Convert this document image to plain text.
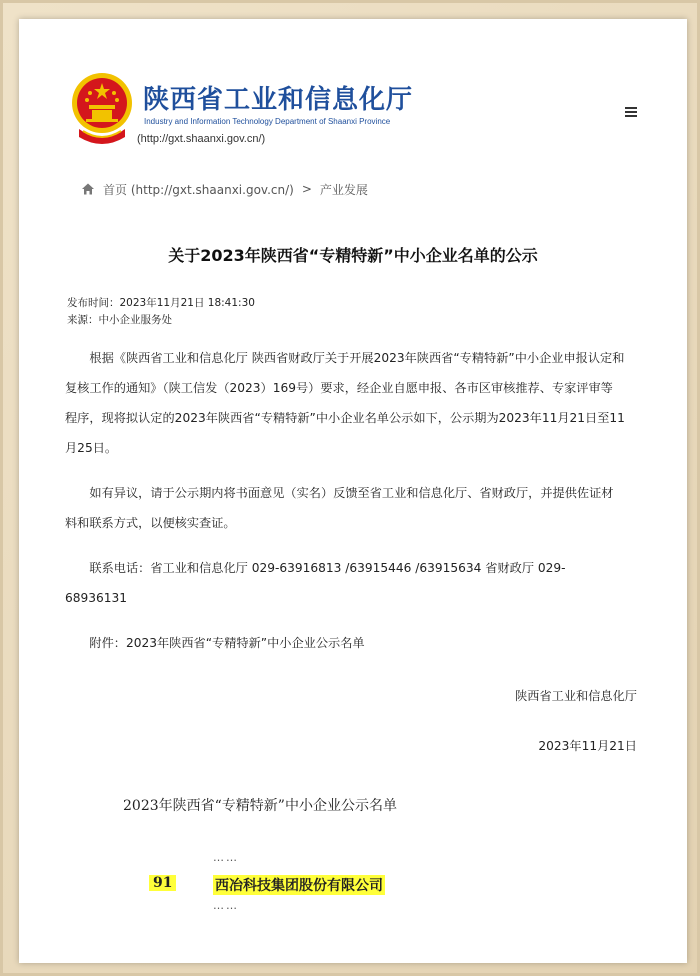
陕西省工业和信息化厅
Industry and Information Technology Department of Shaanxi Province
(http://gxt.shaanxi.gov.cn/)
首页 (http://gxt.shaanxi.gov.cn/) > 产业发展
关于2023年陕西省“专精特新”中小企业名单的公示
发布时间：2023年11月21日 18:41:30
来源：中小企业服务处

根据《陕西省工业和信息化厅 陕西省财政厅关于开展2023年陕西省“专精特新”中小企业申报认定和复核工作的通知》（陕工信发（2023）169号）要求，经企业自愿申报、各市区审核推荐、专家评审等程序，现将拟认定的2023年陕西省“专精特新”中小企业名单公示如下，公示期为2023年11月21日至11月25日。

如有异议，请于公示期内将书面意见（实名）反馈至省工业和信息化厅、省财政厅，并提供佐证材料和联系方式，以便核实查证。

联系电话：省工业和信息化厅 029-63916813 /63915446 /63915634 省财政厅 029-68936131

附件：2023年陕西省“专精特新”中小企业公示名单

陕西省工业和信息化厅
2023年11月21日
2023年陕西省“专精特新”中小企业公示名单
……
91	西冶科技集团股份有限公司
……
